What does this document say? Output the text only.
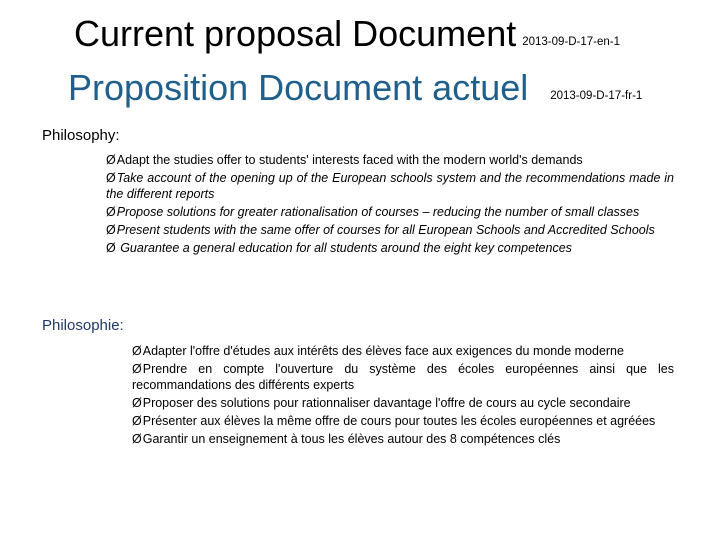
Current proposal Document 2013-09-D-17-en-1
Proposition Document actuel 2013-09-D-17-fr-1
Philosophy:
ØAdapt the studies offer to students' interests faced with the modern world's demands
ØTake account of the opening up of the European schools system and the recommendations made in the different reports
ØPropose solutions for greater rationalisation of courses – reducing the number of small classes
ØPresent students with the same offer of courses for all European Schools and Accredited Schools
Ø Guarantee a general education for all students around the eight key competences
Philosophie:
ØAdapter l'offre d'études aux intérêts des élèves face aux exigences du monde moderne
ØPrendre en compte l'ouverture du système des écoles européennes ainsi que les recommandations des différents experts
ØProposer des solutions pour rationnaliser davantage l'offre de cours au cycle secondaire
ØPrésenter aux élèves la même offre de cours pour toutes les écoles européennes et agréées
ØGarantir un enseignement à tous les élèves autour des 8 compétences clés
